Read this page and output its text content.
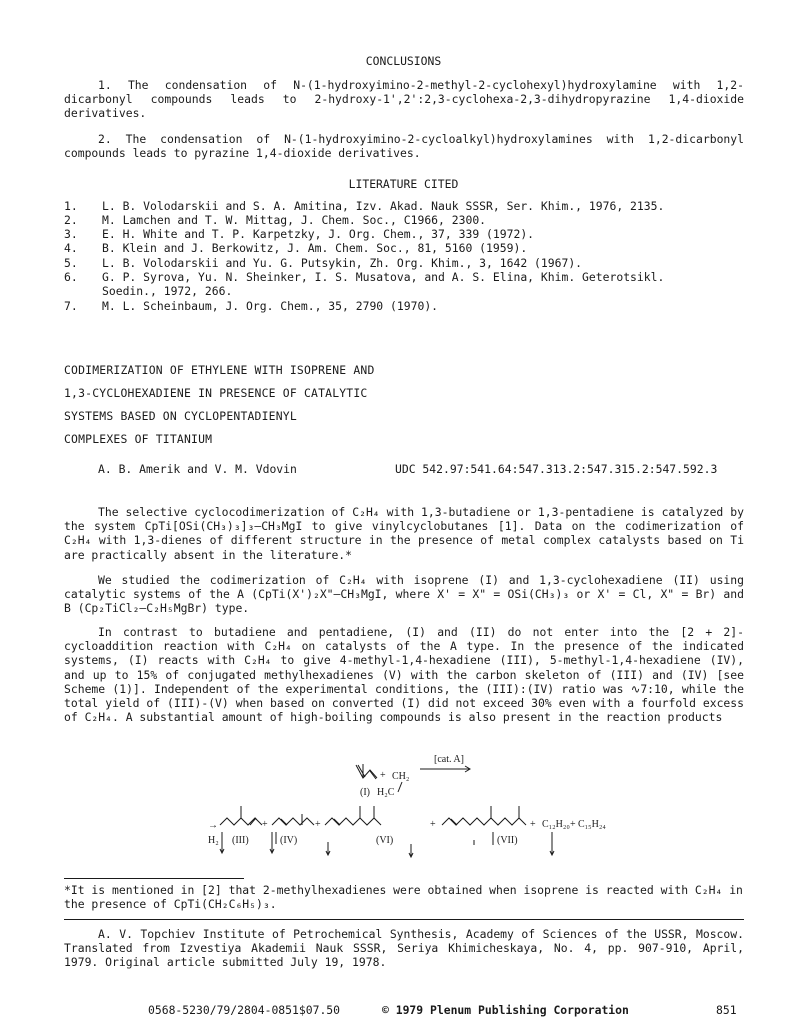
CONCLUSIONS

1. The condensation of N-(1-hydroxyimino-2-methyl-2-cyclohexyl)hydroxylamine with 1,2-dicarbonyl compounds leads to 2-hydroxy-1',2':2,3-cyclohexa-2,3-dihydropyrazine 1,4-dioxide derivatives.

2. The condensation of N-(1-hydroxyimino-2-cycloalkyl)hydroxylamines with 1,2-dicarbonyl compounds leads to pyrazine 1,4-dioxide derivatives.

LITERATURE CITED
1.	L. B. Volodarskii and S. A. Amitina, Izv. Akad. Nauk SSSR, Ser. Khim., 1976, 2135.
2.	M. Lamchen and T. W. Mittag, J. Chem. Soc., C1966, 2300.
3.	E. H. White and T. P. Karpetzky, J. Org. Chem., 37, 339 (1972).
4.	B. Klein and J. Berkowitz, J. Am. Chem. Soc., 81, 5160 (1959).
5.	L. B. Volodarskii and Yu. G. Putsykin, Zh. Org. Khim., 3, 1642 (1967).
6.	G. P. Syrova, Yu. N. Sheinker, I. S. Musatova, and A. S. Elina, Khim. Geterotsikl. Soedin., 1972, 266.
7.	M. L. Scheinbaum, J. Org. Chem., 35, 2790 (1970).
CODIMERIZATION OF ETHYLENE WITH ISOPRENE AND
1,3-CYCLOHEXADIENE IN PRESENCE OF CATALYTIC
SYSTEMS BASED ON CYCLOPENTADIENYL
COMPLEXES OF TITANIUM
A. B. Amerik and V. M. Vdovin	UDC 542.97:541.64:547.313.2:547.315.2:547.592.3

The selective cyclocodimerization of C₂H₄ with 1,3-butadiene or 1,3-pentadiene is catalyzed by the system CpTi[OSi(CH₃)₃]₃—CH₃MgI to give vinylcyclobutanes [1]. Data on the codimerization of C₂H₄ with 1,3-dienes of different structure in the presence of metal complex catalysts based on Ti are practically absent in the literature.*

We studied the codimerization of C₂H₄ with isoprene (I) and 1,3-cyclohexadiene (II) using catalytic systems of the A (CpTi(X')₂X"—CH₃MgI, where X' = X" = OSi(CH₃)₃ or X' = Cl, X" = Br) and B (Cp₂TiCl₂—C₂H₅MgBr) type.

In contrast to butadiene and pentadiene, (I) and (II) do not enter into the [2 + 2]-cycloaddition reaction with C₂H₄ on catalysts of the A type. In the presence of the indicated systems, (I) reacts with C₂H₄ to give 4-methyl-1,4-hexadiene (III), 5-methyl-1,4-hexadiene (IV), and up to 15% of conjugated methylhexadienes (V) with the carbon skeleton of (III) and (IV) [see Scheme (1)]. Independent of the experimental conditions, the (III):(IV) ratio was ∿7:10, while the total yield of (III)-(V) when based on converted (I) did not exceed 30% even with a fourfold excess of C₂H₄. A substantial amount of high-boiling compounds is also present in the reaction products

+ CH₂
[cat. A]
(I) H₂C
→	+	+	+	+ C₁₂H₂₀ + C₁₅H₂₄
H₂ (III)	(IV)	(VI)	(VII)

*It is mentioned in [2] that 2-methylhexadienes were obtained when isoprene is reacted with C₂H₄ in the presence of CpTi(CH₂C₆H₅)₃.

A. V. Topchiev Institute of Petrochemical Synthesis, Academy of Sciences of the USSR, Moscow. Translated from Izvestiya Akademii Nauk SSSR, Seriya Khimicheskaya, No. 4, pp. 907-910, April, 1979. Original article submitted July 19, 1978.

0568-5230/79/2804-0851$07.50	© 1979 Plenum Publishing Corporation	851
